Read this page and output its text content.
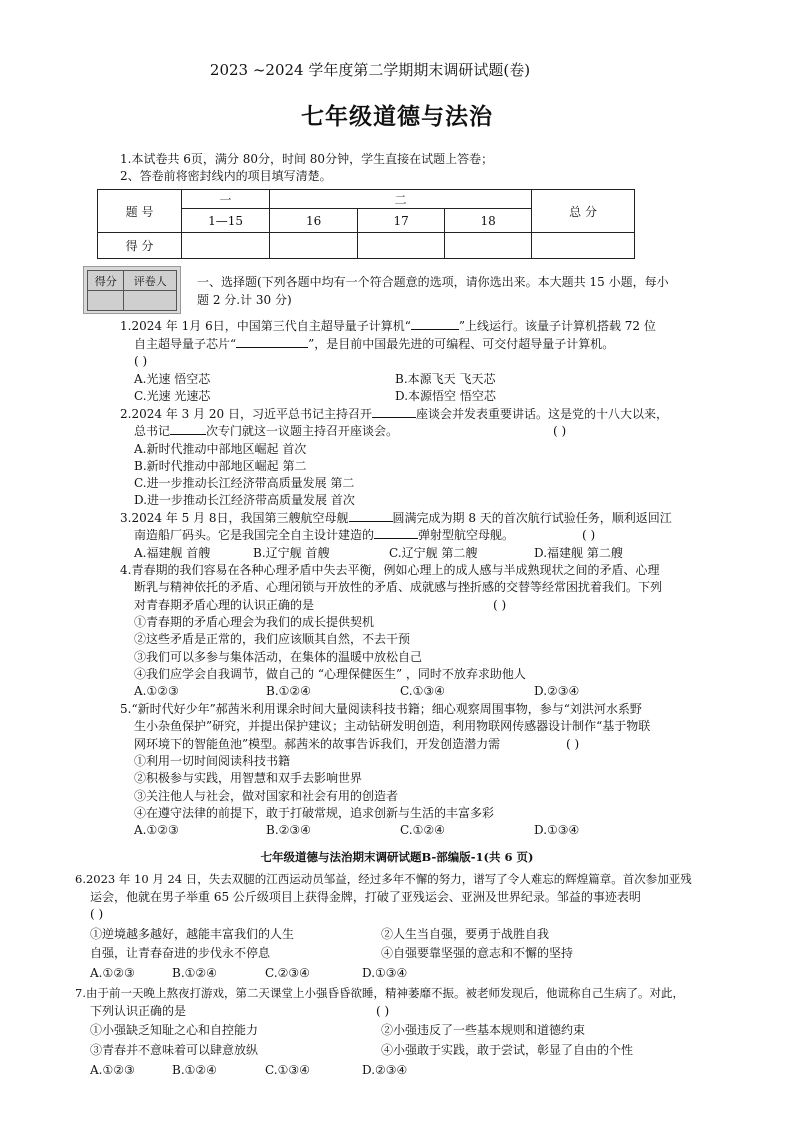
2023 ~2024 学年度第二学期期末调研试题(卷)
七年级道德与法治
1.本试卷共 6页，满分 80分，时间 80分钟，学生直接在试题上答卷；
2、答卷前将密封线内的项目填写清楚。
题 号	一	二			总 分
	1—15	16	17	18	
得 分					
得分	评卷人
		一、选择题(下列各题中均有一个符合题意的选项，请你选出来。本大题共 15 小题，每小
题 2 分.计 30 分)
1.2024 年 1月 6日，中国第三代自主超导量子计算机“	”上线运行。该量子计算机搭载 72 位
自主超导量子芯片“	”，是目前中国最先进的可编程、可交付超导量子计算机。
( )
A.光速 悟空芯	B.本源飞天 飞天芯
C.光速 光速芯	D.本源悟空 悟空芯
2.2024 年 3 月 20 日，习近平总书记主持召开	座谈会并发表重要讲话。这是党的十八大以来，
总书记	次专门就这一议题主持召开座谈会。	( )
A.新时代推动中部地区崛起 首次
B.新时代推动中部地区崛起 第二
C.进一步推动长江经济带高质量发展 第二
D.进一步推动长江经济带高质量发展 首次
3.2024 年 5 月 8日，我国第三艘航空母舰	圆满完成为期 8 天的首次航行试验任务，顺利返回江
南造船厂码头。它是我国完全自主设计建造的	弹射型航空母舰。	( )
A.福建舰 首艘	B.辽宁舰 首艘	C.辽宁舰 第二艘	D.福建舰 第二艘
4.青春期的我们容易在各种心理矛盾中失去平衡，例如心理上的成人感与半成熟现状之间的矛盾、心理
断乳与精神依托的矛盾、心理闭锁与开放性的矛盾、成就感与挫折感的交替等经常困扰着我们。下列
对青春期矛盾心理的认识正确的是	( )
①青春期的矛盾心理会为我们的成长提供契机
②这些矛盾是正常的，我们应该顺其自然，不去干预
③我们可以多参与集体活动，在集体的温暖中放松自己
④我们应学会自我调节，做自己的 “心理保健医生” ，同时不放弃求助他人
A.①②③	B.①②④	C.①③④	D.②③④
5.“新时代好少年”郝茜米利用课余时间大量阅读科技书籍；细心观察周围事物，参与“刘洪河水系野
生小杂鱼保护”研究，并提出保护建议；主动钻研发明创造，利用物联网传感器设计制作“基于物联
网环境下的智能鱼池”模型。郝茜米的故事告诉我们，开发创造潜力需	( )
①利用一切时间阅读科技书籍
②积极参与实践，用智慧和双手去影响世界
③关注他人与社会，做对国家和社会有用的创造者
④在遵守法律的前提下，敢于打破常规，追求创新与生活的丰富多彩
A.①②③	B.②③④	C.①②④	D.①③④
七年级道德与法治期末调研试题B-部编版-1(共 6 页)
6.2023 年 10 月 24 日，失去双腿的江西运动员邹益，经过多年不懈的努力，谱写了令人难忘的辉煌篇章。首次参加亚残
运会，他就在男子举重 65 公斤级项目上获得金牌，打破了亚残运会、亚洲及世界纪录。邹益的事迹表明
( )
①逆境越多越好，越能丰富我们的人生	②人生当自强，要勇于战胜自我
自强，让青春奋进的步伐永不停息	④自强要靠坚强的意志和不懈的坚持
A.①②③	B.①②④	C.②③④	D.①③④
7.由于前一天晚上熬夜打游戏，第二天课堂上小强昏昏欲睡，精神萎靡不振。被老师发现后，他谎称自己生病了。对此，
下列认识正确的是	( )
①小强缺乏知耻之心和自控能力	②小强违反了一些基本规则和道德约束
③青春并不意味着可以肆意放纵	④小强敢于实践，敢于尝试，彰显了自由的个性
A.①②③	B.①②④	C.①③④	D.②③④
